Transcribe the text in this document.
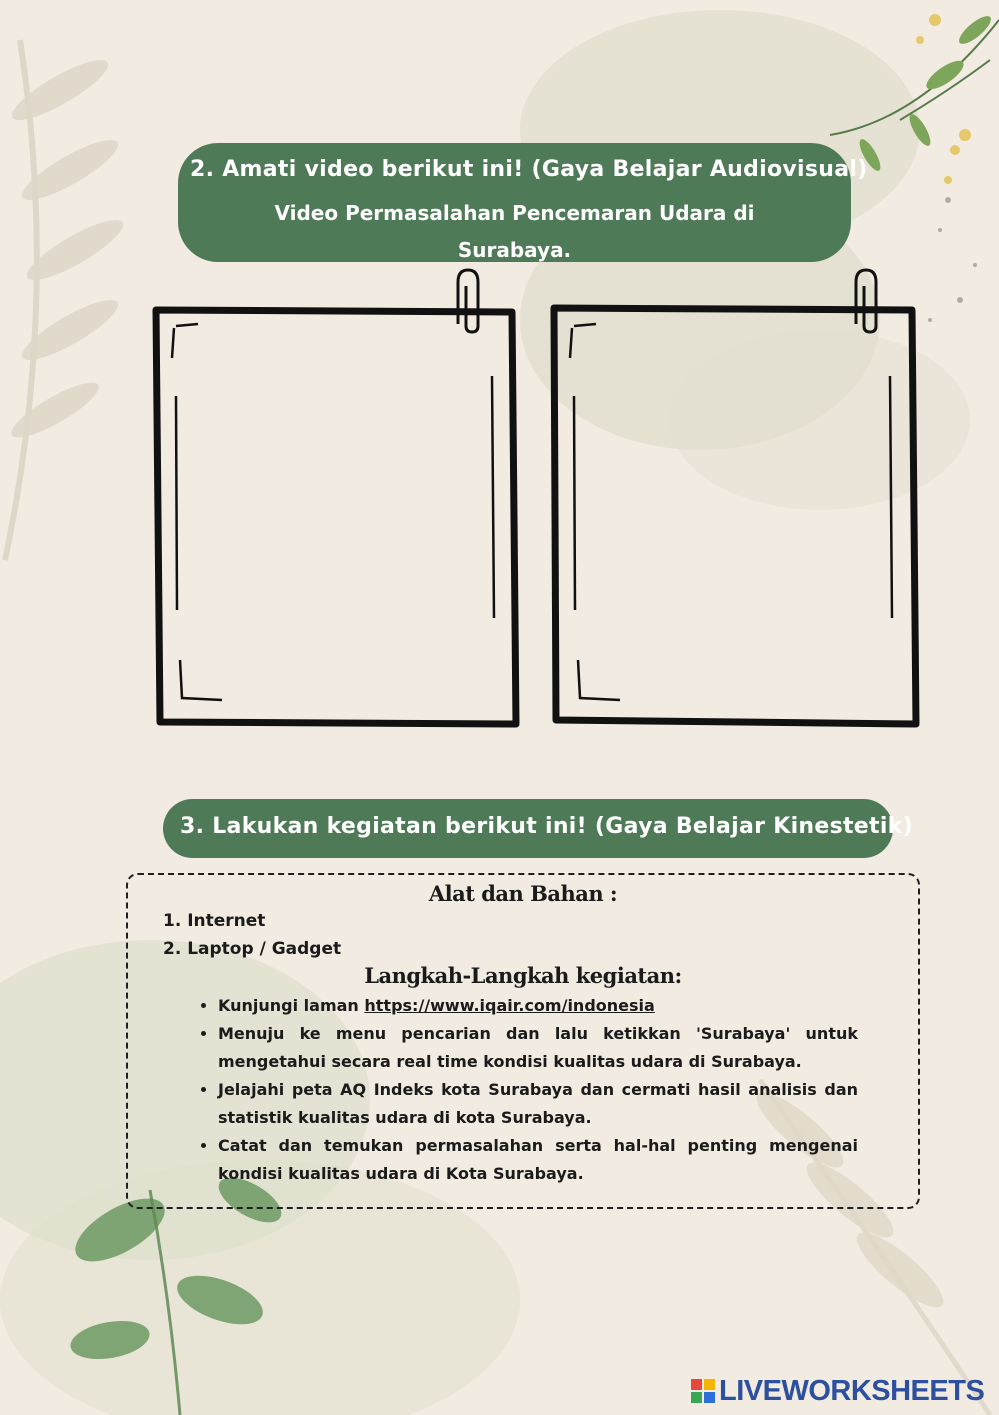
2. Amati video berikut ini! (Gaya Belajar Audiovisual)
Video Permasalahan Pencemaran Udara di Surabaya.
3. Lakukan kegiatan berikut ini! (Gaya Belajar Kinestetik)
Alat dan Bahan :
1. Internet
2. Laptop / Gadget
Langkah-Langkah kegiatan:
• Kunjungi laman https://www.iqair.com/indonesia
• Menuju ke menu pencarian dan lalu ketikkan 'Surabaya' untuk mengetahui secara real time kondisi kualitas udara di Surabaya.
• Jelajahi peta AQ Indeks kota Surabaya dan cermati hasil analisis dan statistik kualitas udara di kota Surabaya.
• Catat dan temukan permasalahan serta hal-hal penting mengenai kondisi kualitas udara di Kota Surabaya.
LIVEWORKSHEETS
